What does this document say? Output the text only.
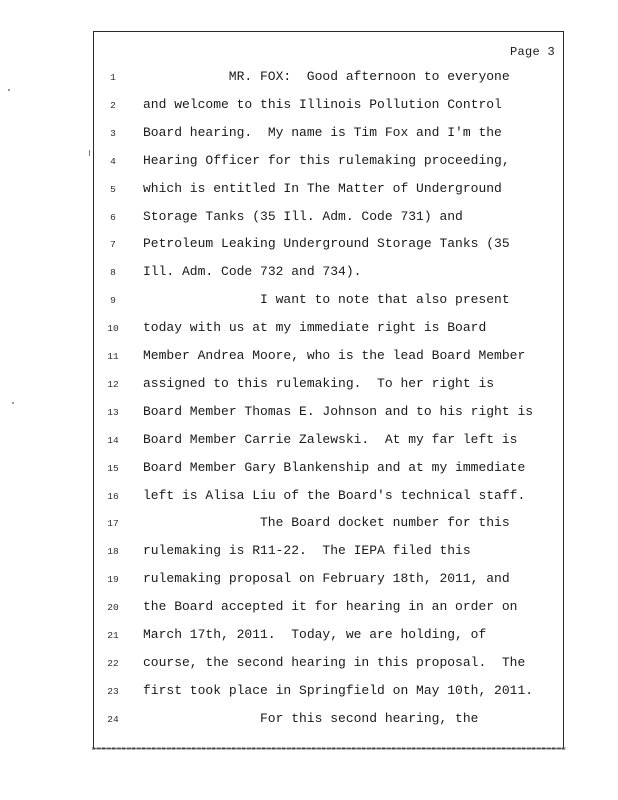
Page 3
1	MR. FOX:  Good afternoon to everyone
2	and welcome to this Illinois Pollution Control
3	Board hearing.  My name is Tim Fox and I'm the
4	Hearing Officer for this rulemaking proceeding,
5	which is entitled In The Matter of Underground
6	Storage Tanks (35 Ill. Adm. Code 731) and
7	Petroleum Leaking Underground Storage Tanks (35
8	Ill. Adm. Code 732 and 734).
9	I want to note that also present
10 today with us at my immediate right is Board
11 Member Andrea Moore, who is the lead Board Member
12 assigned to this rulemaking.  To her right is
13 Board Member Thomas E. Johnson and to his right is
14 Board Member Carrie Zalewski.  At my far left is
15 Board Member Gary Blankenship and at my immediate
16 left is Alisa Liu of the Board's technical staff.
17	The Board docket number for this
18 rulemaking is R11-22.  The IEPA filed this
19 rulemaking proposal on February 18th, 2011, and
20 the Board accepted it for hearing in an order on
21 March 17th, 2011.  Today, we are holding, of
22 course, the second hearing in this proposal.  The
23 first took place in Springfield on May 10th, 2011.
24	For this second hearing, the
